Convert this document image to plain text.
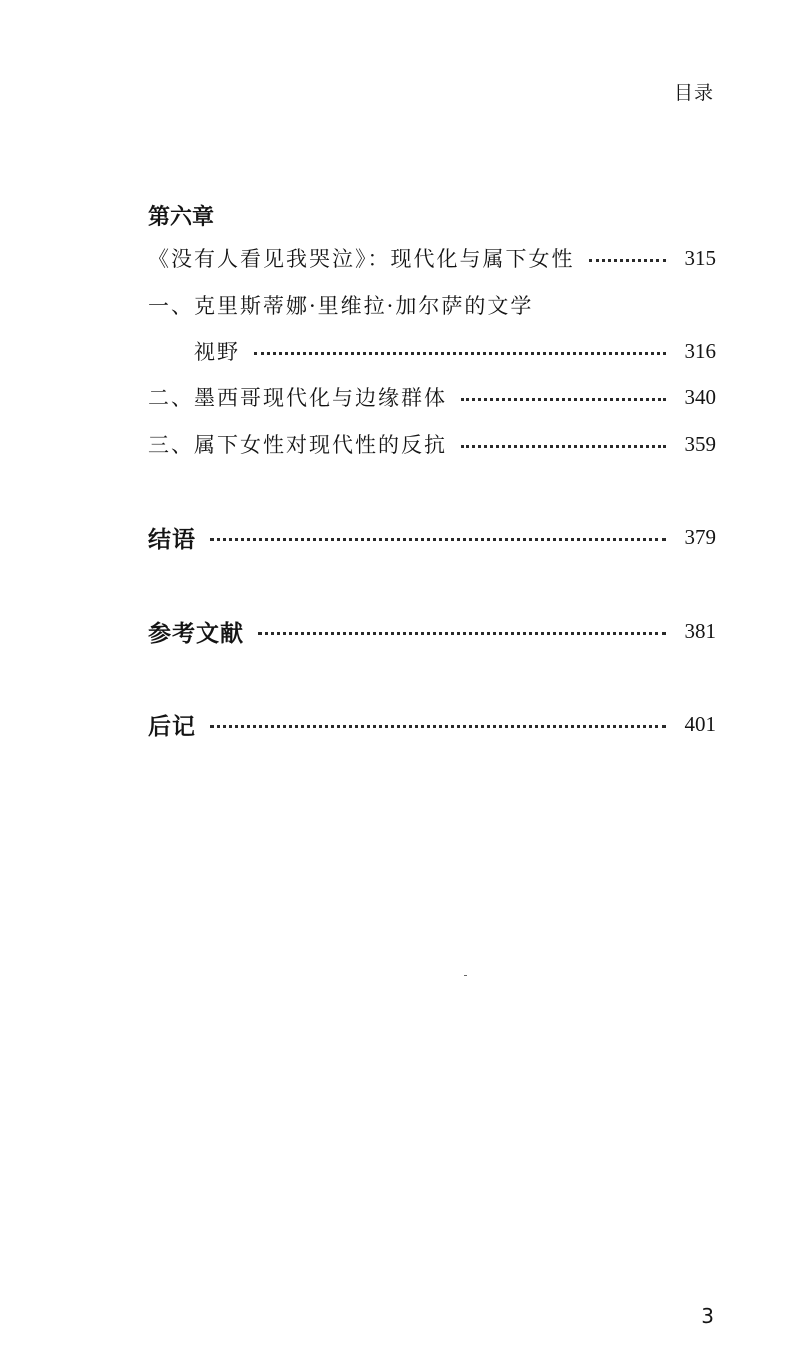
目录
第六章
《没有人看见我哭泣》：现代化与属下女性	315
一、克里斯蒂娜·里维拉·加尔萨的文学
视野	316
二、墨西哥现代化与边缘群体	340
三、属下女性对现代性的反抗	359
结语	379
参考文献	381
后记	401
3
